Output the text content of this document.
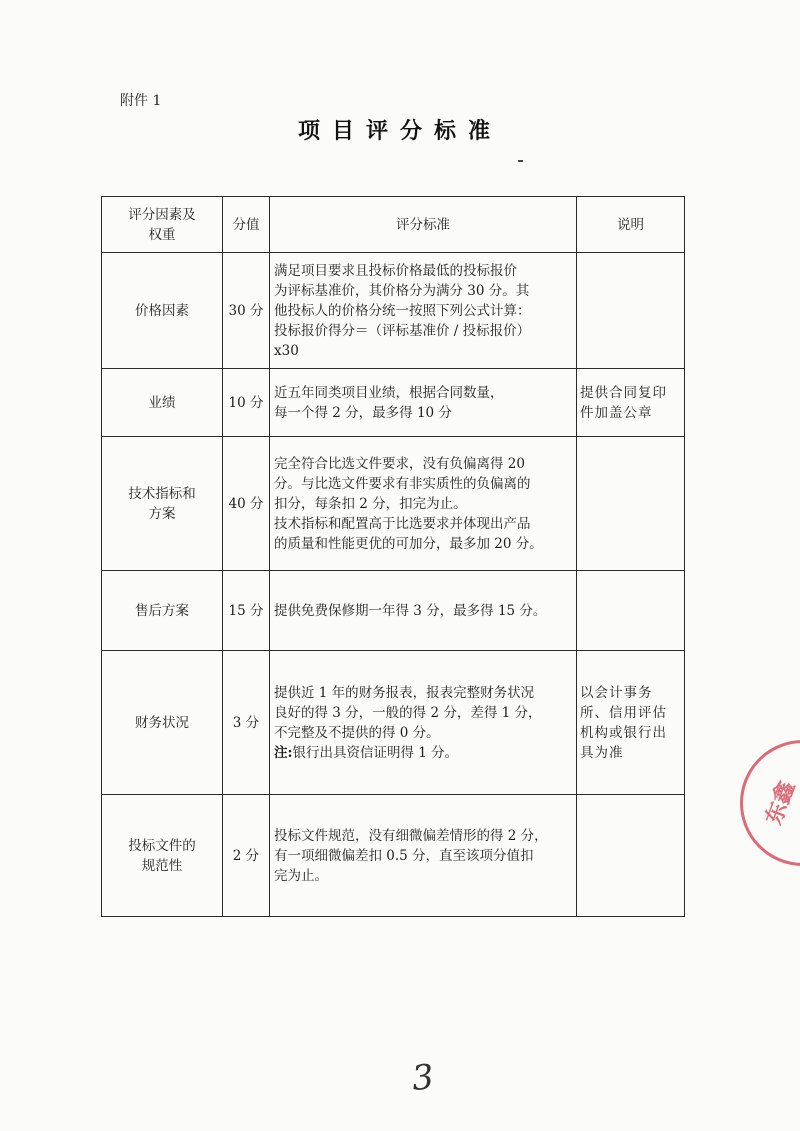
附件 1
项目评分标准
评分因素及
权重	分值	评分标准	说明

价格因素	30 分	满足项目要求且投标价格最低的投标报价
为评标基准价，其价格分为满分 30 分。其
他投标人的价格分统一按照下列公式计算：
投标报价得分＝（评标基准价 / 投标报价）
x30	

业绩	10 分	近五年同类项目业绩，根据合同数量，
每一个得 2 分，最多得 10 分	提供合同复印
件加盖公章

技术指标和
方案	40 分	完全符合比选文件要求，没有负偏离得 20
分。与比选文件要求有非实质性的负偏离的
扣分，每条扣 2 分，扣完为止。
技术指标和配置高于比选要求并体现出产品
的质量和性能更优的可加分，最多加 20 分。	

售后方案	15 分	提供免费保修期一年得 3 分，最多得 15 分。	

财务状况	3 分	提供近 1 年的财务报表，报表完整财务状况
良好的得 3 分，一般的得 2 分，差得 1 分，
不完整及不提供的得 0 分。
注:银行出具资信证明得 1 分。	以会计事务
所、信用评估
机构或银行出
具为准

投标文件的
规范性	2 分	投标文件规范，没有细微偏差情形的得 2 分，
有一项细微偏差扣 0.5 分，直至该项分值扣
完为止。	

东鑫
3
